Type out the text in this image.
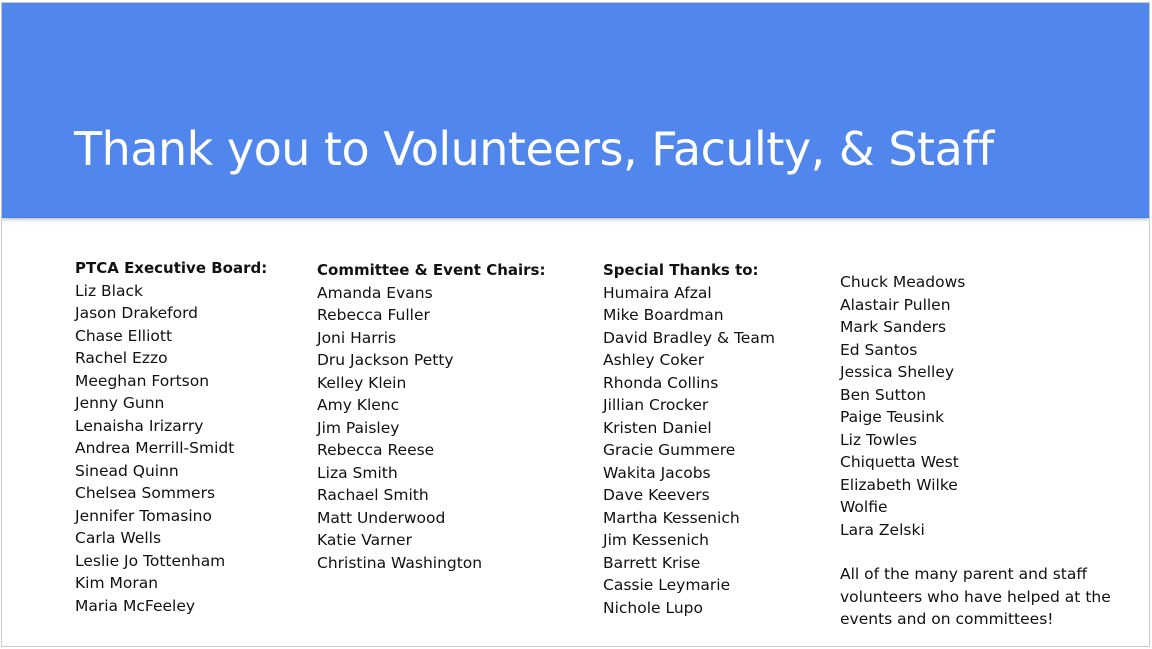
Thank you to Volunteers, Faculty, & Staff
PTCA Executive Board:
Liz Black
Jason Drakeford
Chase Elliott
Rachel Ezzo
Meeghan Fortson
Jenny Gunn
Lenaisha Irizarry
Andrea Merrill-Smidt
Sinead Quinn
Chelsea Sommers
Jennifer Tomasino
Carla Wells
Leslie Jo Tottenham
Kim Moran
Maria McFeeley
Committee & Event Chairs:
Amanda Evans
Rebecca Fuller
Joni Harris
Dru Jackson Petty
Kelley Klein
Amy Klenc
Jim Paisley
Rebecca Reese
Liza Smith
Rachael Smith
Matt Underwood
Katie Varner
Christina Washington
Special Thanks to:
Humaira Afzal
Mike Boardman
David Bradley & Team
Ashley Coker
Rhonda Collins
Jillian Crocker
Kristen Daniel
Gracie Gummere
Wakita Jacobs
Dave Keevers
Martha Kessenich
Jim Kessenich
Barrett Krise
Cassie Leymarie
Nichole Lupo
Chuck Meadows
Alastair Pullen
Mark Sanders
Ed Santos
Jessica Shelley
Ben Sutton
Paige Teusink
Liz Towles
Chiquetta West
Elizabeth Wilke
Wolfie
Lara Zelski
All of the many parent and staff volunteers who have helped at the events and on committees!
